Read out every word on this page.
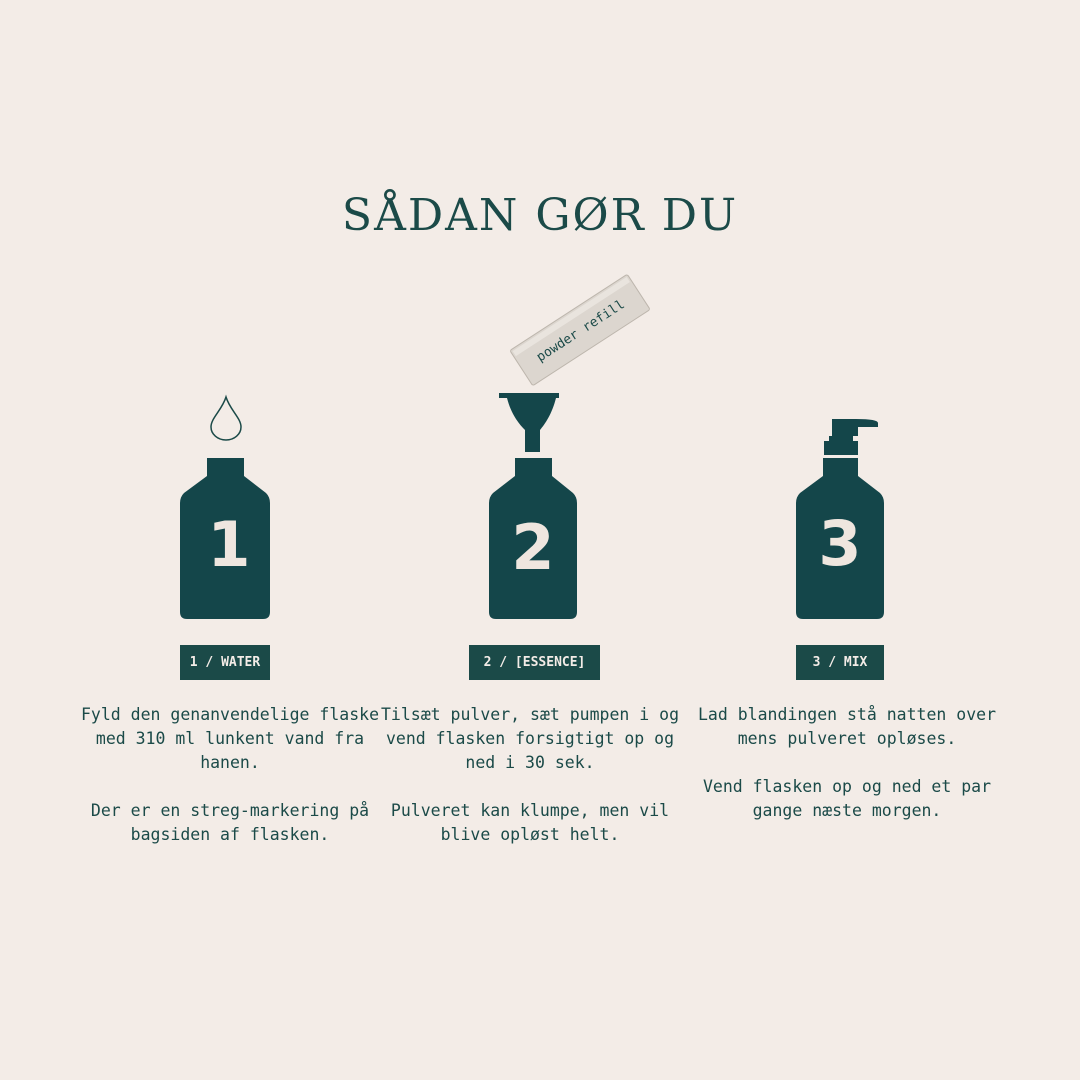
SÅDAN GØR DU
1
powder refill
2	3
1 / WATER	2 / [ESSENCE]	3 / MIX

Fyld den genanvendelige flaske med 310 ml lunkent vand fra hanen.

Der er en streg-markering på bagsiden af flasken.

Tilsæt pulver, sæt pumpen i og vend flasken forsigtigt op og ned i 30 sek.

Pulveret kan klumpe, men vil blive opløst helt.

Lad blandingen stå natten over mens pulveret opløses.

Vend flasken op og ned et par gange næste morgen.
